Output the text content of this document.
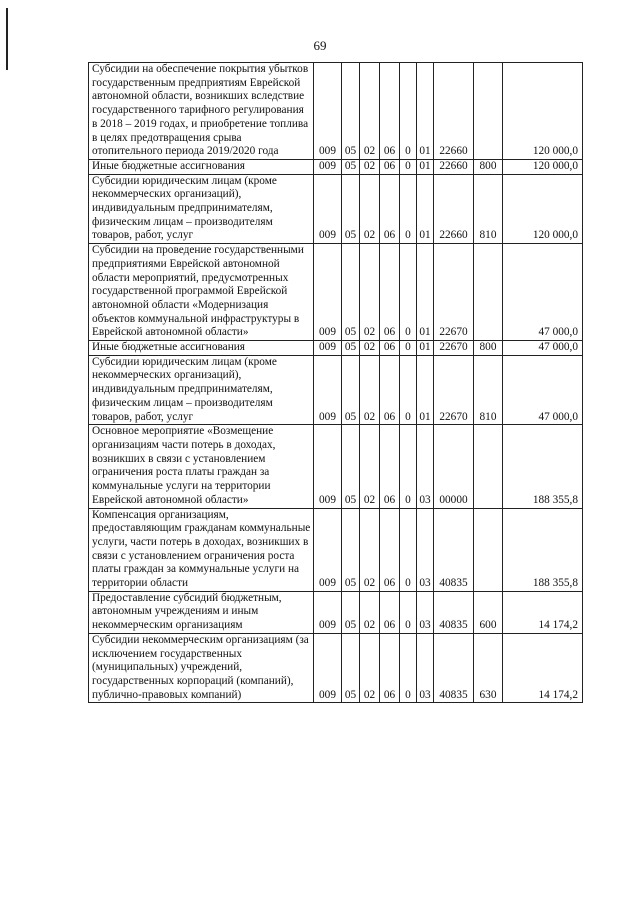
69
Субсидии на обеспечение покрытия убытков государственным предприятиям Еврейской автономной области, возникших вследствие государственного тарифного регулирования в 2018 – 2019 годах, и приобретение топлива в целях предотвращения срыва отопительного периода 2019/2020 года	009	05	02	06	0	01	22660		120 000,0
Иные бюджетные ассигнования	009	05	02	06	0	01	22660	800	120 000,0
Субсидии юридическим лицам (кроме некоммерческих организаций), индивидуальным предпринимателям, физическим лицам – производителям товаров, работ, услуг	009	05	02	06	0	01	22660	810	120 000,0
Субсидии на проведение государственными предприятиями Еврейской автономной области мероприятий, предусмотренных государственной программой Еврейской автономной области «Модернизация объектов коммунальной инфраструктуры в Еврейской автономной области»	009	05	02	06	0	01	22670		47 000,0
Иные бюджетные ассигнования	009	05	02	06	0	01	22670	800	47 000,0
Субсидии юридическим лицам (кроме некоммерческих организаций), индивидуальным предпринимателям, физическим лицам – производителям товаров, работ, услуг	009	05	02	06	0	01	22670	810	47 000,0
Основное мероприятие «Возмещение организациям части потерь в доходах, возникших в связи с установлением ограничения роста платы граждан за коммунальные услуги на территории Еврейской автономной области»	009	05	02	06	0	03	00000		188 355,8
Компенсация организациям, предоставляющим гражданам коммунальные услуги, части потерь в доходах, возникших в связи с установлением ограничения роста платы граждан за коммунальные услуги на территории области	009	05	02	06	0	03	40835		188 355,8
Предоставление субсидий бюджетным, автономным учреждениям и иным некоммерческим организациям	009	05	02	06	0	03	40835	600	14 174,2
Субсидии некоммерческим организациям (за исключением государственных (муниципальных) учреждений, государственных корпораций (компаний), публично-правовых компаний)	009	05	02	06	0	03	40835	630	14 174,2
